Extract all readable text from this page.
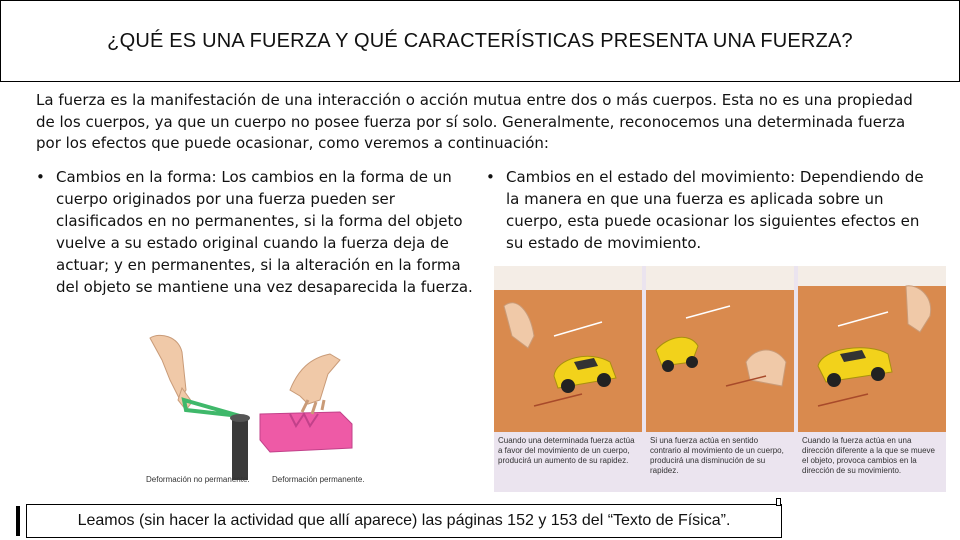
¿QUÉ ES UNA FUERZA Y QUÉ CARACTERÍSTICAS PRESENTA UNA FUERZA?

La fuerza es la manifestación de una interacción o acción mutua entre dos o más cuerpos. Esta no es una propiedad de los cuerpos, ya que un cuerpo no posee fuerza por sí solo. Generalmente, reconocemos una determinada fuerza por los efectos que puede ocasionar, como veremos a continuación:

• Cambios en la forma: Los cambios en la forma de un cuerpo originados por una fuerza pueden ser clasificados en no permanentes, si la forma del objeto vuelve a su estado original cuando la fuerza deja de actuar; y en permanentes, si la alteración en la forma del objeto se mantiene una vez desaparecida la fuerza.
• Cambios en el estado del movimiento: Dependiendo de la manera en que una fuerza es aplicada sobre un cuerpo, esta puede ocasionar los siguientes efectos en su estado de movimiento.
Deformación no permanente.	Deformación permanente.
Cuando una determinada fuerza actúa a favor del movimiento de un cuerpo, producirá un aumento de su rapidez.
Si una fuerza actúa en sentido contrario al movimiento de un cuerpo, producirá una disminución de su rapidez.
Cuando la fuerza actúa en una dirección diferente a la que se mueve el objeto, provoca cambios en la dirección de su movimiento.
Leamos (sin hacer la actividad que allí aparece) las páginas 152 y 153 del “Texto de Física”.
